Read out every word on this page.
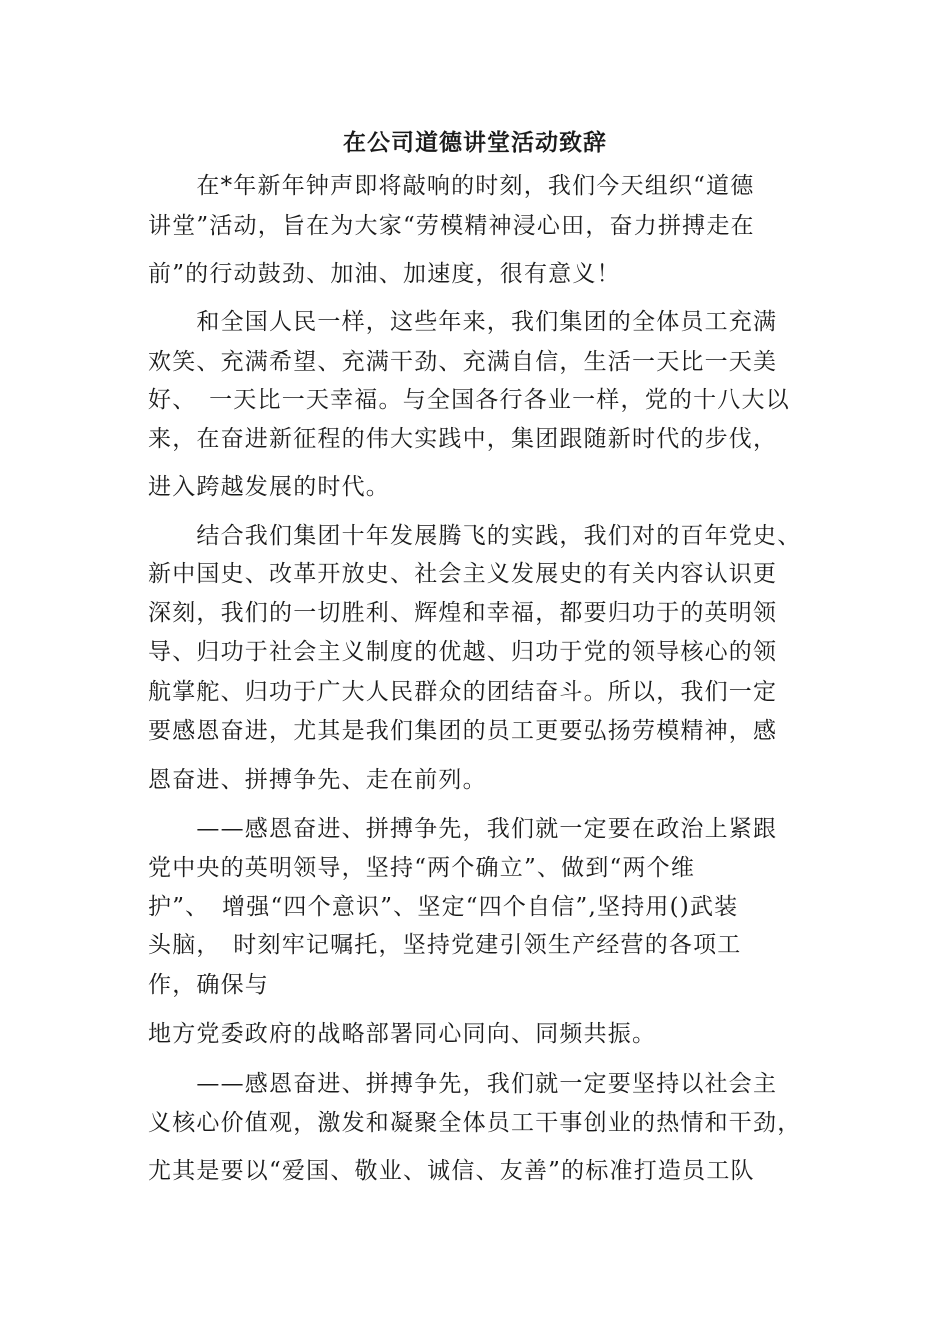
在公司道德讲堂活动致辞
　　在*年新年钟声即将敲响的时刻，我们今天组织“道德
讲堂”活动，旨在为大家“劳模精神浸心田，奋力拼搏走在
前”的行动鼓劲、加油、加速度，很有意义！
　　和全国人民一样，这些年来，我们集团的全体员工充满
欢笑、充满希望、充满干劲、充满自信，生活一天比一天美
好、　一天比一天幸福。与全国各行各业一样，党的十八大以
来，在奋进新征程的伟大实践中，集团跟随新时代的步伐，
进入跨越发展的时代。
　　结合我们集团十年发展腾飞的实践，我们对的百年党史、
新中国史、改革开放史、社会主义发展史的有关内容认识更
深刻，我们的一切胜利、辉煌和幸福，都要归功于的英明领
导、归功于社会主义制度的优越、归功于党的领导核心的领
航掌舵、归功于广大人民群众的团结奋斗。所以，我们一定
要感恩奋进，尤其是我们集团的员工更要弘扬劳模精神，感
恩奋进、拼搏争先、走在前列。
　　——感恩奋进、拼搏争先，我们就一定要在政治上紧跟
党中央的英明领导，坚持“两个确立”、做到“两个维
护”、　增强“四个意识”、坚定“四个自信”,坚持用()武装
头脑，　时刻牢记嘱托，坚持党建引领生产经营的各项工
作，确保与
地方党委政府的战略部署同心同向、同频共振。
　　——感恩奋进、拼搏争先，我们就一定要坚持以社会主
义核心价值观，激发和凝聚全体员工干事创业的热情和干劲，
尤其是要以“爱国、敬业、诚信、友善”的标准打造员工队
